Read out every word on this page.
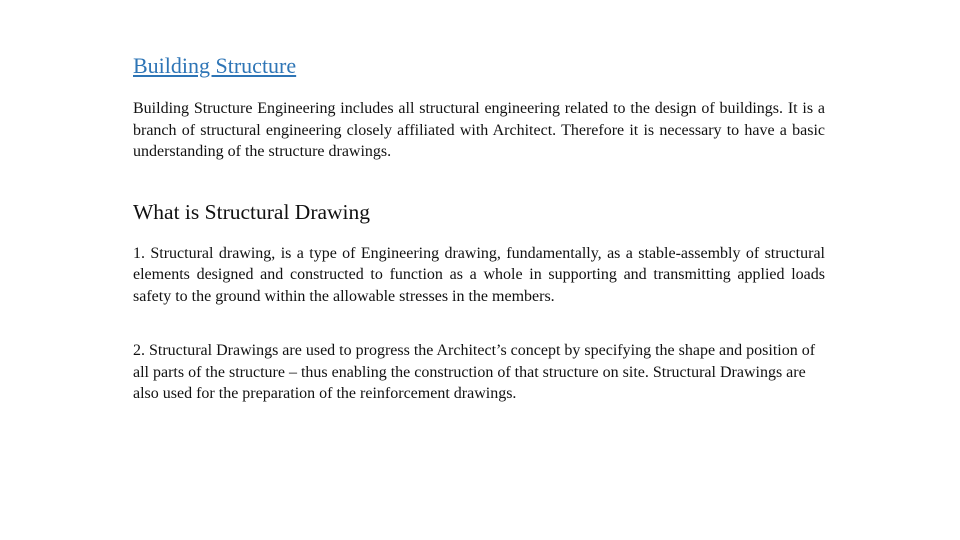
Building Structure

Building Structure Engineering includes all structural engineering related to the design of buildings. It is a branch of structural engineering closely affiliated with Architect. Therefore it is necessary to have a basic understanding of the structure drawings.

What is Structural Drawing

1. Structural drawing, is a type of Engineering drawing, fundamentally, as a stable-assembly of structural elements designed and constructed to function as a whole in supporting and transmitting applied loads safety to the ground within the allowable stresses in the members.

2. Structural Drawings are used to progress the Architect’s concept by specifying the shape and position of all parts of the structure – thus enabling the construction of that structure on site. Structural Drawings are also used for the preparation of the reinforcement drawings.
